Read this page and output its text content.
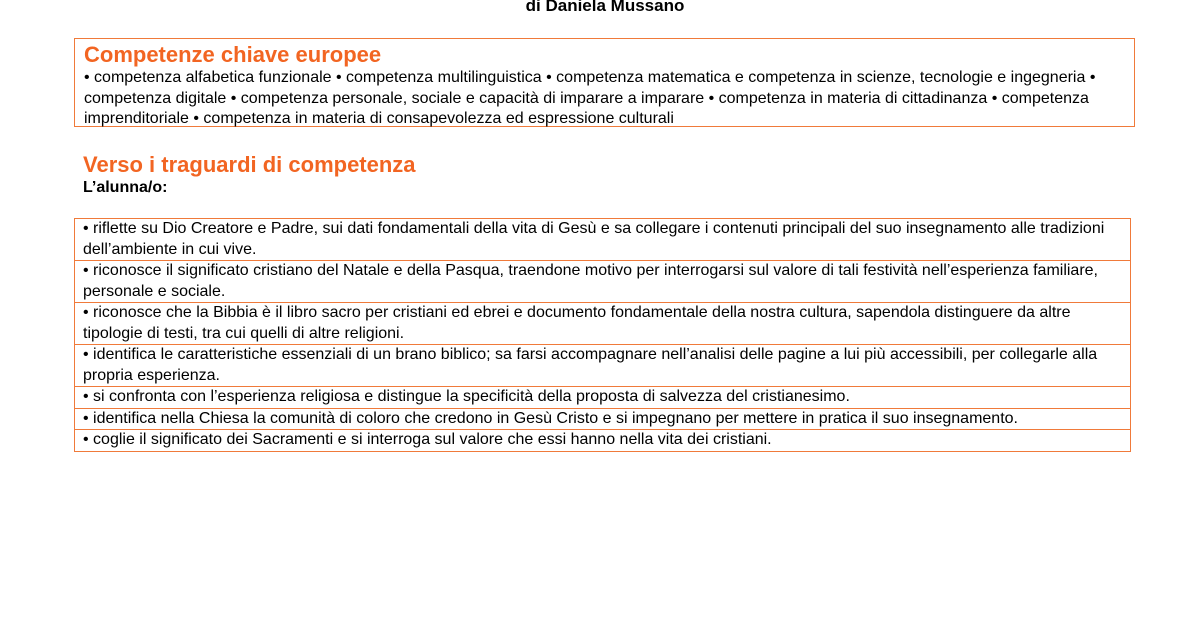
di Daniela Mussano
Competenze chiave europee

• competenza alfabetica funzionale • competenza multilinguistica • competenza matematica e competenza in scienze, tecnologie e ingegneria • competenza digitale • competenza personale, sociale e capacità di imparare a imparare • competenza in materia di cittadinanza • competenza imprenditoriale • competenza in materia di consapevolezza ed espressione culturali

Verso i traguardi di competenza

L’alunna/o:

• riflette su Dio Creatore e Padre, sui dati fondamentali della vita di Gesù e sa collegare i contenuti principali del suo insegnamento alle tradizioni dell’ambiente in cui vive.
• riconosce il significato cristiano del Natale e della Pasqua, traendone motivo per interrogarsi sul valore di tali festività nell’esperienza familiare, personale e sociale.
• riconosce che la Bibbia è il libro sacro per cristiani ed ebrei e documento fondamentale della nostra cultura, sapendola distinguere da altre tipologie di testi, tra cui quelli di altre religioni.
• identifica le caratteristiche essenziali di un brano biblico; sa farsi accompagnare nell’analisi delle pagine a lui più accessibili, per collegarle alla propria esperienza.
• si confronta con l’esperienza religiosa e distingue la specificità della proposta di salvezza del cristianesimo.
• identifica nella Chiesa la comunità di coloro che credono in Gesù Cristo e si impegnano per mettere in pratica il suo insegnamento.
• coglie il significato dei Sacramenti e si interroga sul valore che essi hanno nella vita dei cristiani.
